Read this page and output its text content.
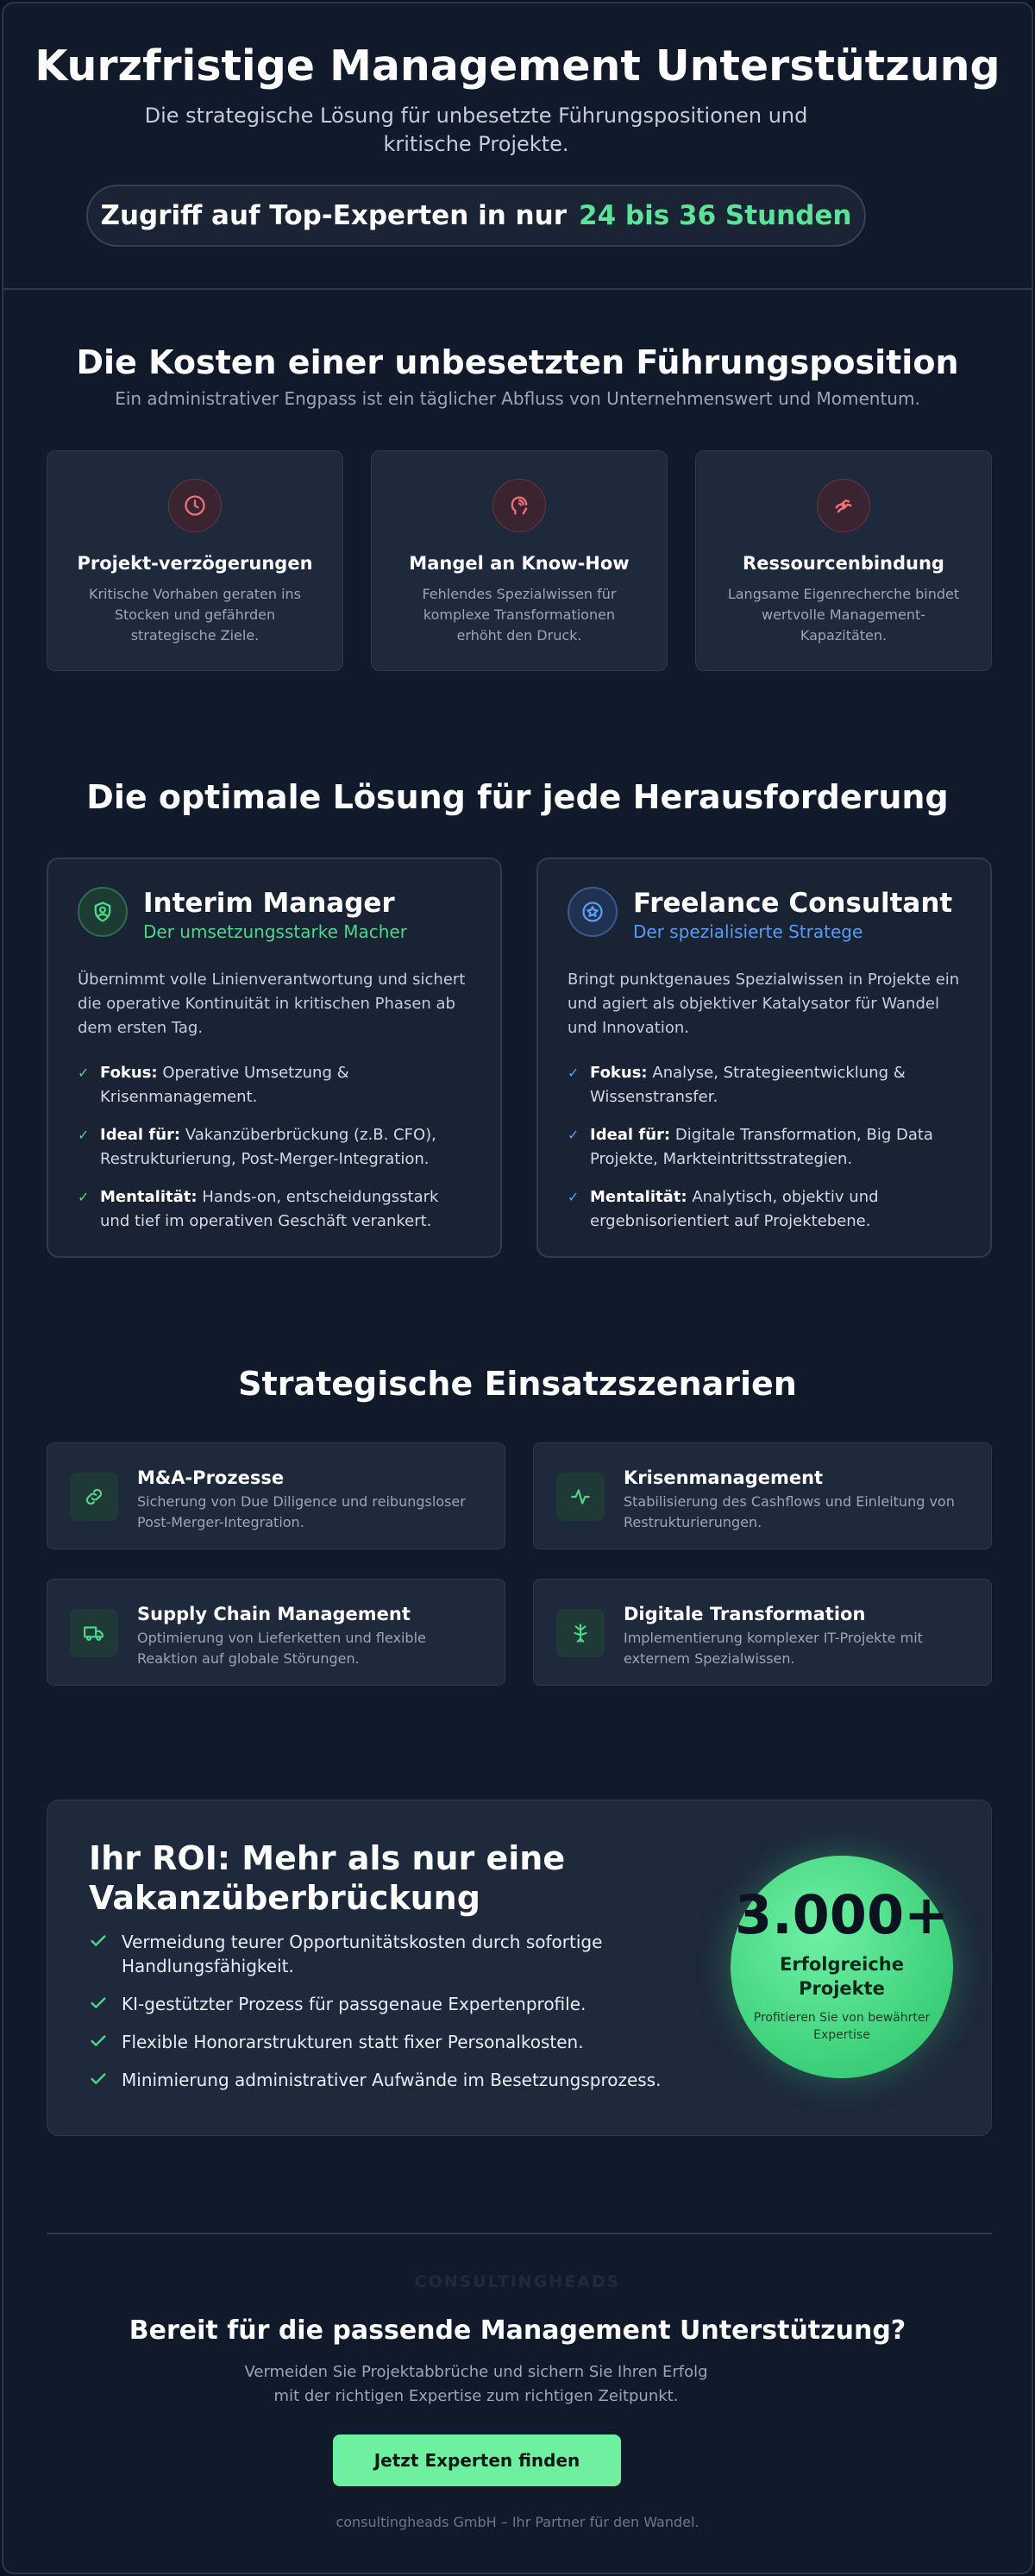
Kurzfristige Management Unterstützung

Die strategische Lösung für unbesetzte Führungspositionen und kritische Projekte.

Zugriff auf Top-Experten in nur 24 bis 36 Stunden
Die Kosten einer unbesetzten Führungsposition

Ein administrativer Engpass ist ein täglicher Abfluss von Unternehmenswert und Momentum.

Projekt-verzögerungen

Kritische Vorhaben geraten ins Stocken und gefährden strategische Ziele.

Mangel an Know-How

Fehlendes Spezialwissen für komplexe Transformationen erhöht den Druck.

Ressourcenbindung

Langsame Eigenrecherche bindet wertvolle Management-Kapazitäten.

Die optimale Lösung für jede Herausforderung
Interim Manager
Der umsetzungsstarke Macher

Übernimmt volle Linienverantwortung und sichert die operative Kontinuität in kritischen Phasen ab dem ersten Tag.

✓ Fokus: Operative Umsetzung & Krisenmanagement.
✓ Ideal für: Vakanzüberbrückung (z.B. CFO), Restrukturierung, Post-Merger-Integration.
✓ Mentalität: Hands-on, entscheidungsstark und tief im operativen Geschäft verankert.
Freelance Consultant
Der spezialisierte Stratege

Bringt punktgenaues Spezialwissen in Projekte ein und agiert als objektiver Katalysator für Wandel und Innovation.

✓ Fokus: Analyse, Strategieentwicklung & Wissenstransfer.
✓ Ideal für: Digitale Transformation, Big Data Projekte, Markteintrittsstrategien.
✓ Mentalität: Analytisch, objektiv und ergebnisorientiert auf Projektebene.
Strategische Einsatzszenarien
M&A-Prozesse
Sicherung von Due Diligence und reibungsloser Post-Merger-Integration.
Krisenmanagement
Stabilisierung des Cashflows und Einleitung von Restrukturierungen.
Supply Chain Management
Optimierung von Lieferketten und flexible Reaktion auf globale Störungen.
Digitale Transformation
Implementierung komplexer IT-Projekte mit externem Spezialwissen.
Ihr ROI: Mehr als nur eine Vakanzüberbrückung
Vermeidung teurer Opportunitätskosten durch sofortige Handlungsfähigkeit.
KI-gestützter Prozess für passgenaue Expertenprofile.
Flexible Honorarstrukturen statt fixer Personalkosten.
Minimierung administrativer Aufwände im Besetzungsprozess.
3.000+
Erfolgreiche Projekte
Profitieren Sie von bewährter Expertise
CONSULTINGHEADS
Bereit für die passende Management Unterstützung?

Vermeiden Sie Projektabbrüche und sichern Sie Ihren Erfolg mit der richtigen Expertise zum richtigen Zeitpunkt.

Jetzt Experten finden

consultingheads GmbH – Ihr Partner für den Wandel.
